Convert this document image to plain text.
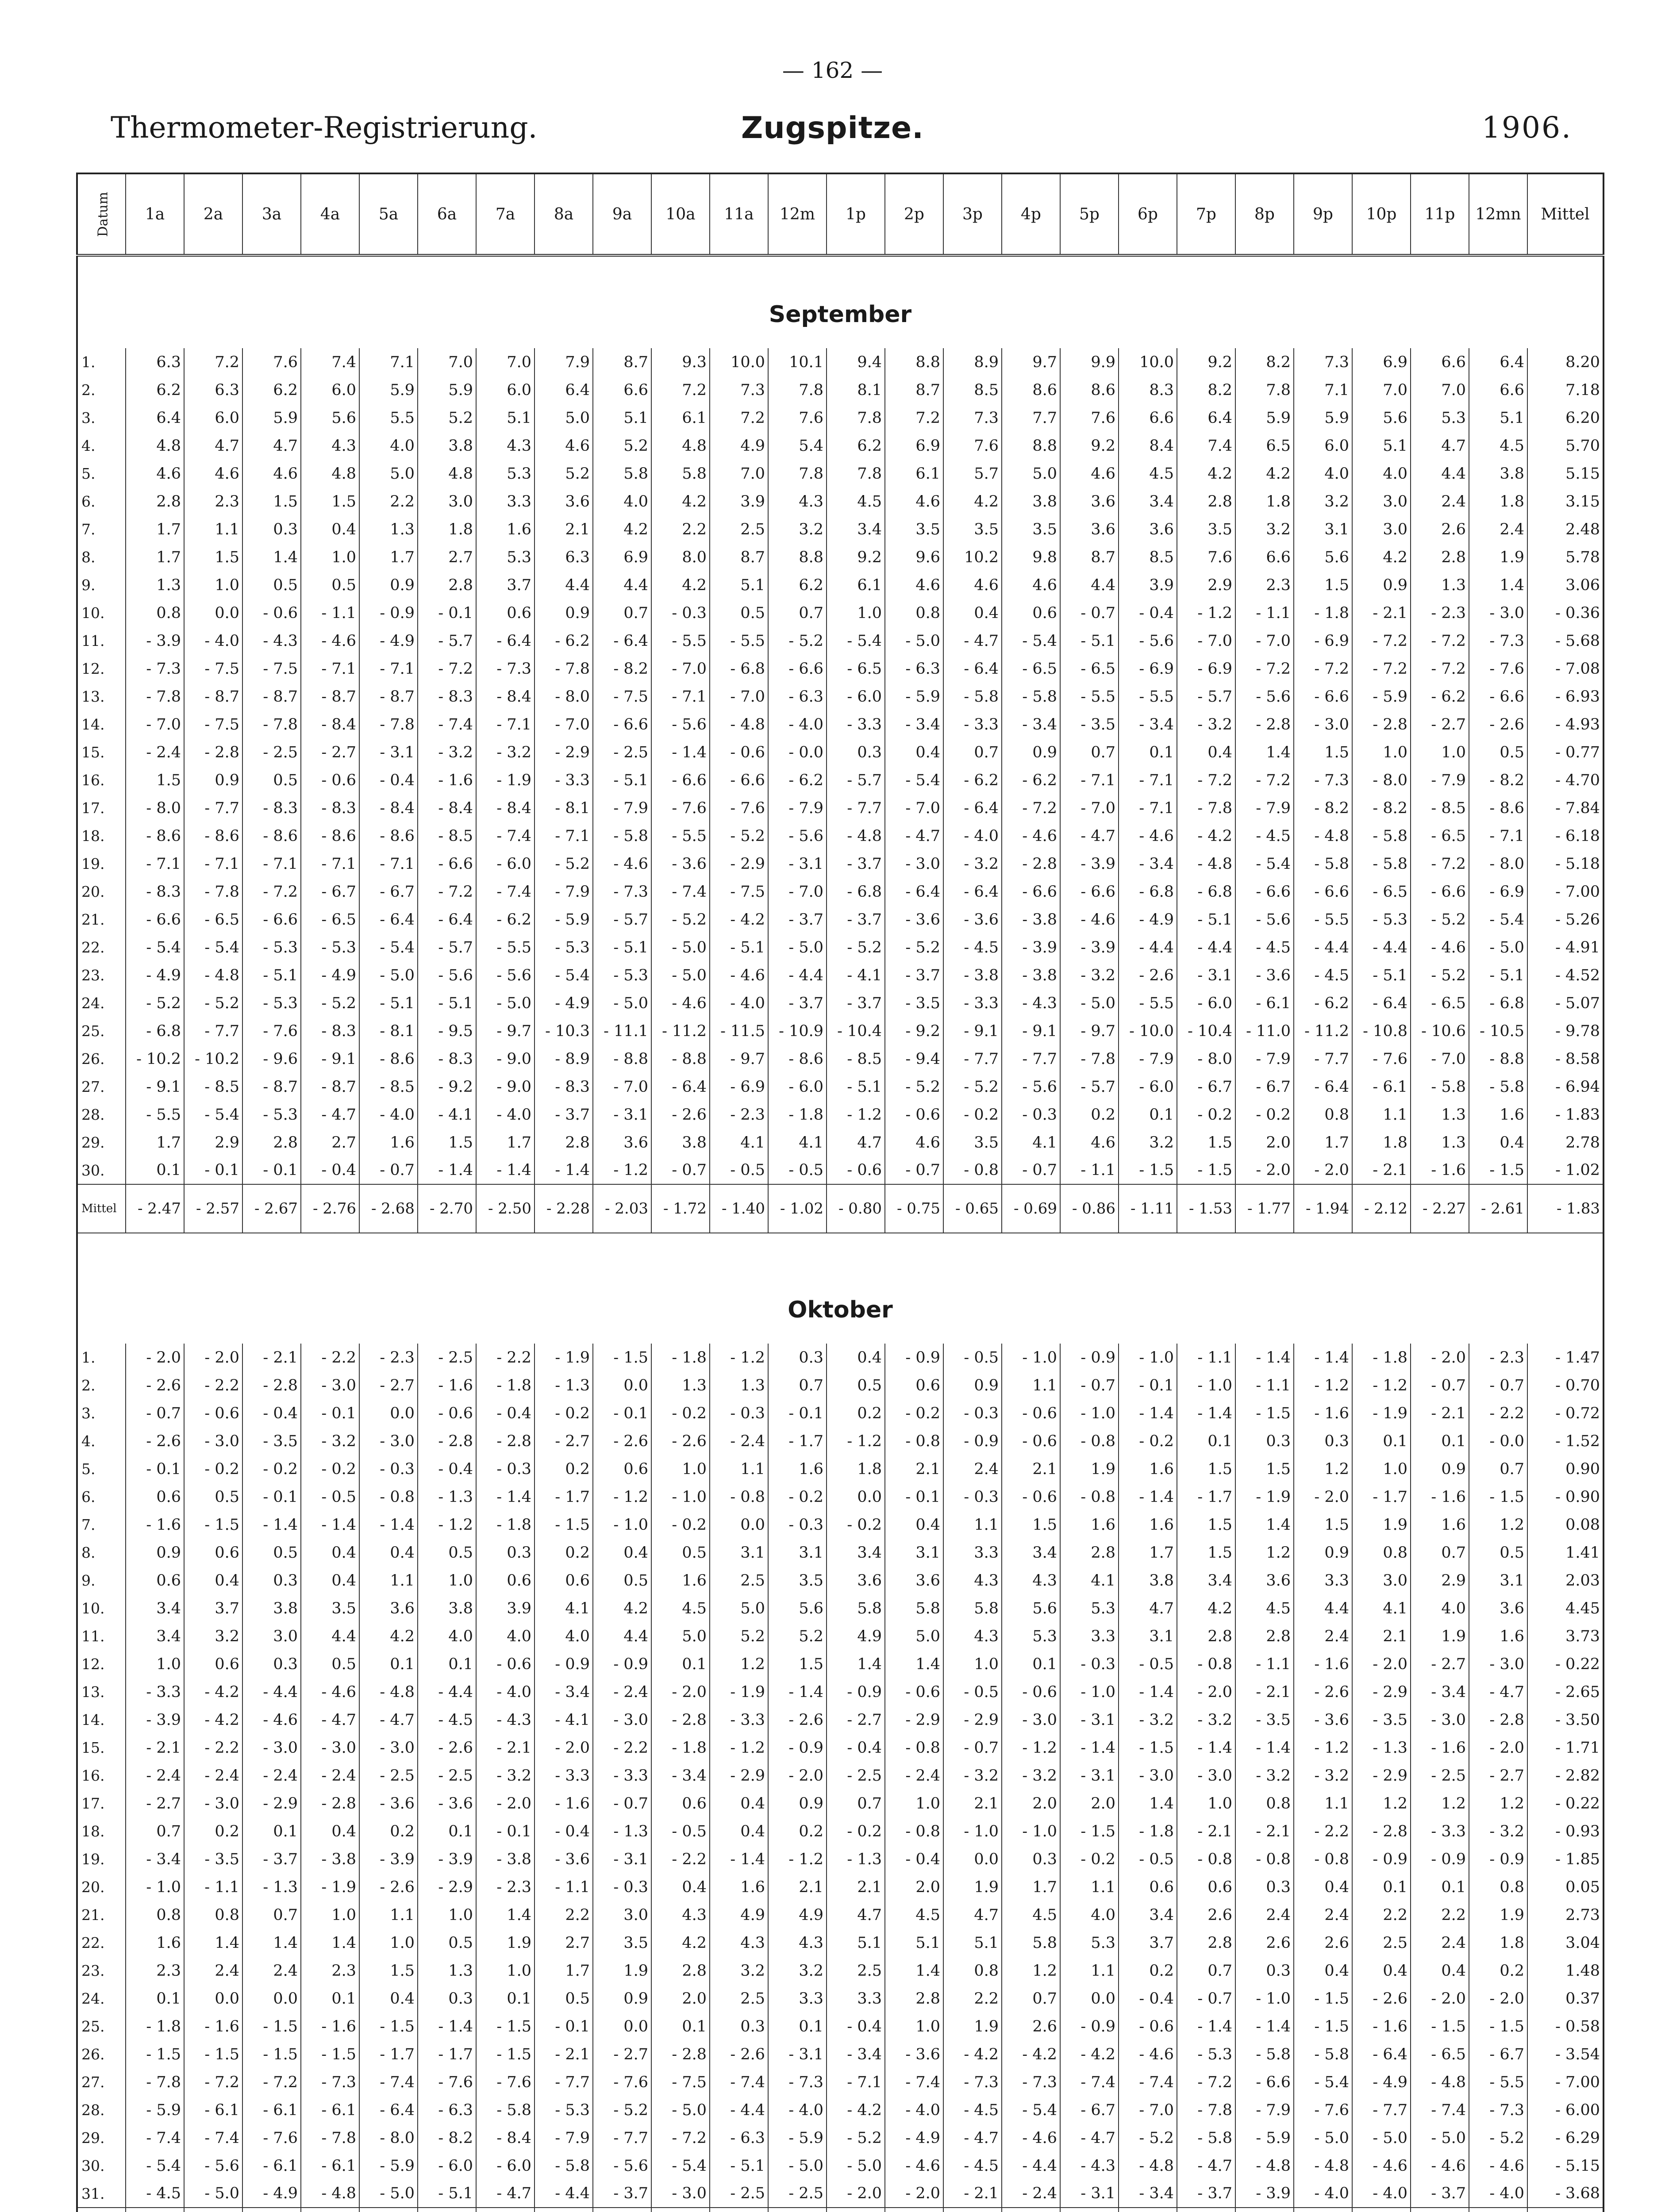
— 162 —
Thermometer-Registrierung.	Zugspitze.	1906.
Datum	1a	2a	3a	4a	5a	6a	7a	8a	9a	10a	11a	12m	1p	2p	3p	4p	5p	6p	7p	8p	9p	10p	11p	12mn	Mittel
September																									

1.	6.3	7.2	7.6	7.4	7.1	7.0	7.0	7.9	8.7	9.3	10.0	10.1	9.4	8.8	8.9	9.7	9.9	10.0	9.2	8.2	7.3	6.9	6.6	6.4	8.20
2.	6.2	6.3	6.2	6.0	5.9	5.9	6.0	6.4	6.6	7.2	7.3	7.8	8.1	8.7	8.5	8.6	8.6	8.3	8.2	7.8	7.1	7.0	7.0	6.6	7.18
3.	6.4	6.0	5.9	5.6	5.5	5.2	5.1	5.0	5.1	6.1	7.2	7.6	7.8	7.2	7.3	7.7	7.6	6.6	6.4	5.9	5.9	5.6	5.3	5.1	6.20
4.	4.8	4.7	4.7	4.3	4.0	3.8	4.3	4.6	5.2	4.8	4.9	5.4	6.2	6.9	7.6	8.8	9.2	8.4	7.4	6.5	6.0	5.1	4.7	4.5	5.70
5.	4.6	4.6	4.6	4.8	5.0	4.8	5.3	5.2	5.8	5.8	7.0	7.8	7.8	6.1	5.7	5.0	4.6	4.5	4.2	4.2	4.0	4.0	4.4	3.8	5.15
6.	2.8	2.3	1.5	1.5	2.2	3.0	3.3	3.6	4.0	4.2	3.9	4.3	4.5	4.6	4.2	3.8	3.6	3.4	2.8	1.8	3.2	3.0	2.4	1.8	3.15
7.	1.7	1.1	0.3	0.4	1.3	1.8	1.6	2.1	4.2	2.2	2.5	3.2	3.4	3.5	3.5	3.5	3.6	3.6	3.5	3.2	3.1	3.0	2.6	2.4	2.48
8.	1.7	1.5	1.4	1.0	1.7	2.7	5.3	6.3	6.9	8.0	8.7	8.8	9.2	9.6	10.2	9.8	8.7	8.5	7.6	6.6	5.6	4.2	2.8	1.9	5.78
9.	1.3	1.0	0.5	0.5	0.9	2.8	3.7	4.4	4.4	4.2	5.1	6.2	6.1	4.6	4.6	4.6	4.4	3.9	2.9	2.3	1.5	0.9	1.3	1.4	3.06
10.	0.8	0.0	- 0.6	- 1.1	- 0.9	- 0.1	0.6	0.9	0.7	- 0.3	0.5	0.7	1.0	0.8	0.4	0.6	- 0.7	- 0.4	- 1.2	- 1.1	- 1.8	- 2.1	- 2.3	- 3.0	- 0.36
11.	- 3.9	- 4.0	- 4.3	- 4.6	- 4.9	- 5.7	- 6.4	- 6.2	- 6.4	- 5.5	- 5.5	- 5.2	- 5.4	- 5.0	- 4.7	- 5.4	- 5.1	- 5.6	- 7.0	- 7.0	- 6.9	- 7.2	- 7.2	- 7.3	- 5.68
12.	- 7.3	- 7.5	- 7.5	- 7.1	- 7.1	- 7.2	- 7.3	- 7.8	- 8.2	- 7.0	- 6.8	- 6.6	- 6.5	- 6.3	- 6.4	- 6.5	- 6.5	- 6.9	- 6.9	- 7.2	- 7.2	- 7.2	- 7.2	- 7.6	- 7.08
13.	- 7.8	- 8.7	- 8.7	- 8.7	- 8.7	- 8.3	- 8.4	- 8.0	- 7.5	- 7.1	- 7.0	- 6.3	- 6.0	- 5.9	- 5.8	- 5.8	- 5.5	- 5.5	- 5.7	- 5.6	- 6.6	- 5.9	- 6.2	- 6.6	- 6.93
14.	- 7.0	- 7.5	- 7.8	- 8.4	- 7.8	- 7.4	- 7.1	- 7.0	- 6.6	- 5.6	- 4.8	- 4.0	- 3.3	- 3.4	- 3.3	- 3.4	- 3.5	- 3.4	- 3.2	- 2.8	- 3.0	- 2.8	- 2.7	- 2.6	- 4.93
15.	- 2.4	- 2.8	- 2.5	- 2.7	- 3.1	- 3.2	- 3.2	- 2.9	- 2.5	- 1.4	- 0.6	- 0.0	0.3	0.4	0.7	0.9	0.7	0.1	0.4	1.4	1.5	1.0	1.0	0.5	- 0.77
16.	1.5	0.9	0.5	- 0.6	- 0.4	- 1.6	- 1.9	- 3.3	- 5.1	- 6.6	- 6.6	- 6.2	- 5.7	- 5.4	- 6.2	- 6.2	- 7.1	- 7.1	- 7.2	- 7.2	- 7.3	- 8.0	- 7.9	- 8.2	- 4.70
17.	- 8.0	- 7.7	- 8.3	- 8.3	- 8.4	- 8.4	- 8.4	- 8.1	- 7.9	- 7.6	- 7.6	- 7.9	- 7.7	- 7.0	- 6.4	- 7.2	- 7.0	- 7.1	- 7.8	- 7.9	- 8.2	- 8.2	- 8.5	- 8.6	- 7.84
18.	- 8.6	- 8.6	- 8.6	- 8.6	- 8.6	- 8.5	- 7.4	- 7.1	- 5.8	- 5.5	- 5.2	- 5.6	- 4.8	- 4.7	- 4.0	- 4.6	- 4.7	- 4.6	- 4.2	- 4.5	- 4.8	- 5.8	- 6.5	- 7.1	- 6.18
19.	- 7.1	- 7.1	- 7.1	- 7.1	- 7.1	- 6.6	- 6.0	- 5.2	- 4.6	- 3.6	- 2.9	- 3.1	- 3.7	- 3.0	- 3.2	- 2.8	- 3.9	- 3.4	- 4.8	- 5.4	- 5.8	- 5.8	- 7.2	- 8.0	- 5.18
20.	- 8.3	- 7.8	- 7.2	- 6.7	- 6.7	- 7.2	- 7.4	- 7.9	- 7.3	- 7.4	- 7.5	- 7.0	- 6.8	- 6.4	- 6.4	- 6.6	- 6.6	- 6.8	- 6.8	- 6.6	- 6.6	- 6.5	- 6.6	- 6.9	- 7.00
21.	- 6.6	- 6.5	- 6.6	- 6.5	- 6.4	- 6.4	- 6.2	- 5.9	- 5.7	- 5.2	- 4.2	- 3.7	- 3.7	- 3.6	- 3.6	- 3.8	- 4.6	- 4.9	- 5.1	- 5.6	- 5.5	- 5.3	- 5.2	- 5.4	- 5.26
22.	- 5.4	- 5.4	- 5.3	- 5.3	- 5.4	- 5.7	- 5.5	- 5.3	- 5.1	- 5.0	- 5.1	- 5.0	- 5.2	- 5.2	- 4.5	- 3.9	- 3.9	- 4.4	- 4.4	- 4.5	- 4.4	- 4.4	- 4.6	- 5.0	- 4.91
23.	- 4.9	- 4.8	- 5.1	- 4.9	- 5.0	- 5.6	- 5.6	- 5.4	- 5.3	- 5.0	- 4.6	- 4.4	- 4.1	- 3.7	- 3.8	- 3.8	- 3.2	- 2.6	- 3.1	- 3.6	- 4.5	- 5.1	- 5.2	- 5.1	- 4.52
24.	- 5.2	- 5.2	- 5.3	- 5.2	- 5.1	- 5.1	- 5.0	- 4.9	- 5.0	- 4.6	- 4.0	- 3.7	- 3.7	- 3.5	- 3.3	- 4.3	- 5.0	- 5.5	- 6.0	- 6.1	- 6.2	- 6.4	- 6.5	- 6.8	- 5.07
25.	- 6.8	- 7.7	- 7.6	- 8.3	- 8.1	- 9.5	- 9.7	- 10.3	- 11.1	- 11.2	- 11.5	- 10.9	- 10.4	- 9.2	- 9.1	- 9.1	- 9.7	- 10.0	- 10.4	- 11.0	- 11.2	- 10.8	- 10.6	- 10.5	- 9.78
26.	- 10.2	- 10.2	- 9.6	- 9.1	- 8.6	- 8.3	- 9.0	- 8.9	- 8.8	- 8.8	- 9.7	- 8.6	- 8.5	- 9.4	- 7.7	- 7.7	- 7.8	- 7.9	- 8.0	- 7.9	- 7.7	- 7.6	- 7.0	- 8.8	- 8.58
27.	- 9.1	- 8.5	- 8.7	- 8.7	- 8.5	- 9.2	- 9.0	- 8.3	- 7.0	- 6.4	- 6.9	- 6.0	- 5.1	- 5.2	- 5.2	- 5.6	- 5.7	- 6.0	- 6.7	- 6.7	- 6.4	- 6.1	- 5.8	- 5.8	- 6.94
28.	- 5.5	- 5.4	- 5.3	- 4.7	- 4.0	- 4.1	- 4.0	- 3.7	- 3.1	- 2.6	- 2.3	- 1.8	- 1.2	- 0.6	- 0.2	- 0.3	0.2	0.1	- 0.2	- 0.2	0.8	1.1	1.3	1.6	- 1.83
29.	1.7	2.9	2.8	2.7	1.6	1.5	1.7	2.8	3.6	3.8	4.1	4.1	4.7	4.6	3.5	4.1	4.6	3.2	1.5	2.0	1.7	1.8	1.3	0.4	2.78
30.	0.1	- 0.1	- 0.1	- 0.4	- 0.7	- 1.4	- 1.4	- 1.4	- 1.2	- 0.7	- 0.5	- 0.5	- 0.6	- 0.7	- 0.8	- 0.7	- 1.1	- 1.5	- 1.5	- 2.0	- 2.0	- 2.1	- 1.6	- 1.5	- 1.02
Mittel	- 2.47	- 2.57	- 2.67	- 2.76	- 2.68	- 2.70	- 2.50	- 2.28	- 2.03	- 1.72	- 1.40	- 1.02	- 0.80	- 0.75	- 0.65	- 0.69	- 0.86	- 1.11	- 1.53	- 1.77	- 1.94	- 2.12	- 2.27	- 2.61	- 1.83
Oktober																									

1.	- 2.0	- 2.0	- 2.1	- 2.2	- 2.3	- 2.5	- 2.2	- 1.9	- 1.5	- 1.8	- 1.2	0.3	0.4	- 0.9	- 0.5	- 1.0	- 0.9	- 1.0	- 1.1	- 1.4	- 1.4	- 1.8	- 2.0	- 2.3	- 1.47
2.	- 2.6	- 2.2	- 2.8	- 3.0	- 2.7	- 1.6	- 1.8	- 1.3	0.0	1.3	1.3	0.7	0.5	0.6	0.9	1.1	- 0.7	- 0.1	- 1.0	- 1.1	- 1.2	- 1.2	- 0.7	- 0.7	- 0.70
3.	- 0.7	- 0.6	- 0.4	- 0.1	0.0	- 0.6	- 0.4	- 0.2	- 0.1	- 0.2	- 0.3	- 0.1	0.2	- 0.2	- 0.3	- 0.6	- 1.0	- 1.4	- 1.4	- 1.5	- 1.6	- 1.9	- 2.1	- 2.2	- 0.72
4.	- 2.6	- 3.0	- 3.5	- 3.2	- 3.0	- 2.8	- 2.8	- 2.7	- 2.6	- 2.6	- 2.4	- 1.7	- 1.2	- 0.8	- 0.9	- 0.6	- 0.8	- 0.2	0.1	0.3	0.3	0.1	0.1	- 0.0	- 1.52
5.	- 0.1	- 0.2	- 0.2	- 0.2	- 0.3	- 0.4	- 0.3	0.2	0.6	1.0	1.1	1.6	1.8	2.1	2.4	2.1	1.9	1.6	1.5	1.5	1.2	1.0	0.9	0.7	0.90
6.	0.6	0.5	- 0.1	- 0.5	- 0.8	- 1.3	- 1.4	- 1.7	- 1.2	- 1.0	- 0.8	- 0.2	0.0	- 0.1	- 0.3	- 0.6	- 0.8	- 1.4	- 1.7	- 1.9	- 2.0	- 1.7	- 1.6	- 1.5	- 0.90
7.	- 1.6	- 1.5	- 1.4	- 1.4	- 1.4	- 1.2	- 1.8	- 1.5	- 1.0	- 0.2	0.0	- 0.3	- 0.2	0.4	1.1	1.5	1.6	1.6	1.5	1.4	1.5	1.9	1.6	1.2	0.08
8.	0.9	0.6	0.5	0.4	0.4	0.5	0.3	0.2	0.4	0.5	3.1	3.1	3.4	3.1	3.3	3.4	2.8	1.7	1.5	1.2	0.9	0.8	0.7	0.5	1.41
9.	0.6	0.4	0.3	0.4	1.1	1.0	0.6	0.6	0.5	1.6	2.5	3.5	3.6	3.6	4.3	4.3	4.1	3.8	3.4	3.6	3.3	3.0	2.9	3.1	2.03
10.	3.4	3.7	3.8	3.5	3.6	3.8	3.9	4.1	4.2	4.5	5.0	5.6	5.8	5.8	5.8	5.6	5.3	4.7	4.2	4.5	4.4	4.1	4.0	3.6	4.45
11.	3.4	3.2	3.0	4.4	4.2	4.0	4.0	4.0	4.4	5.0	5.2	5.2	4.9	5.0	4.3	5.3	3.3	3.1	2.8	2.8	2.4	2.1	1.9	1.6	3.73
12.	1.0	0.6	0.3	0.5	0.1	0.1	- 0.6	- 0.9	- 0.9	0.1	1.2	1.5	1.4	1.4	1.0	0.1	- 0.3	- 0.5	- 0.8	- 1.1	- 1.6	- 2.0	- 2.7	- 3.0	- 0.22
13.	- 3.3	- 4.2	- 4.4	- 4.6	- 4.8	- 4.4	- 4.0	- 3.4	- 2.4	- 2.0	- 1.9	- 1.4	- 0.9	- 0.6	- 0.5	- 0.6	- 1.0	- 1.4	- 2.0	- 2.1	- 2.6	- 2.9	- 3.4	- 4.7	- 2.65
14.	- 3.9	- 4.2	- 4.6	- 4.7	- 4.7	- 4.5	- 4.3	- 4.1	- 3.0	- 2.8	- 3.3	- 2.6	- 2.7	- 2.9	- 2.9	- 3.0	- 3.1	- 3.2	- 3.2	- 3.5	- 3.6	- 3.5	- 3.0	- 2.8	- 3.50
15.	- 2.1	- 2.2	- 3.0	- 3.0	- 3.0	- 2.6	- 2.1	- 2.0	- 2.2	- 1.8	- 1.2	- 0.9	- 0.4	- 0.8	- 0.7	- 1.2	- 1.4	- 1.5	- 1.4	- 1.4	- 1.2	- 1.3	- 1.6	- 2.0	- 1.71
16.	- 2.4	- 2.4	- 2.4	- 2.4	- 2.5	- 2.5	- 3.2	- 3.3	- 3.3	- 3.4	- 2.9	- 2.0	- 2.5	- 2.4	- 3.2	- 3.2	- 3.1	- 3.0	- 3.0	- 3.2	- 3.2	- 2.9	- 2.5	- 2.7	- 2.82
17.	- 2.7	- 3.0	- 2.9	- 2.8	- 3.6	- 3.6	- 2.0	- 1.6	- 0.7	0.6	0.4	0.9	0.7	1.0	2.1	2.0	2.0	1.4	1.0	0.8	1.1	1.2	1.2	1.2	- 0.22
18.	0.7	0.2	0.1	0.4	0.2	0.1	- 0.1	- 0.4	- 1.3	- 0.5	0.4	0.2	- 0.2	- 0.8	- 1.0	- 1.0	- 1.5	- 1.8	- 2.1	- 2.1	- 2.2	- 2.8	- 3.3	- 3.2	- 0.93
19.	- 3.4	- 3.5	- 3.7	- 3.8	- 3.9	- 3.9	- 3.8	- 3.6	- 3.1	- 2.2	- 1.4	- 1.2	- 1.3	- 0.4	0.0	0.3	- 0.2	- 0.5	- 0.8	- 0.8	- 0.8	- 0.9	- 0.9	- 0.9	- 1.85
20.	- 1.0	- 1.1	- 1.3	- 1.9	- 2.6	- 2.9	- 2.3	- 1.1	- 0.3	0.4	1.6	2.1	2.1	2.0	1.9	1.7	1.1	0.6	0.6	0.3	0.4	0.1	0.1	0.8	0.05
21.	0.8	0.8	0.7	1.0	1.1	1.0	1.4	2.2	3.0	4.3	4.9	4.9	4.7	4.5	4.7	4.5	4.0	3.4	2.6	2.4	2.4	2.2	2.2	1.9	2.73
22.	1.6	1.4	1.4	1.4	1.0	0.5	1.9	2.7	3.5	4.2	4.3	4.3	5.1	5.1	5.1	5.8	5.3	3.7	2.8	2.6	2.6	2.5	2.4	1.8	3.04
23.	2.3	2.4	2.4	2.3	1.5	1.3	1.0	1.7	1.9	2.8	3.2	3.2	2.5	1.4	0.8	1.2	1.1	0.2	0.7	0.3	0.4	0.4	0.4	0.2	1.48
24.	0.1	0.0	0.0	0.1	0.4	0.3	0.1	0.5	0.9	2.0	2.5	3.3	3.3	2.8	2.2	0.7	0.0	- 0.4	- 0.7	- 1.0	- 1.5	- 2.6	- 2.0	- 2.0	0.37
25.	- 1.8	- 1.6	- 1.5	- 1.6	- 1.5	- 1.4	- 1.5	- 0.1	0.0	0.1	0.3	0.1	- 0.4	1.0	1.9	2.6	- 0.9	- 0.6	- 1.4	- 1.4	- 1.5	- 1.6	- 1.5	- 1.5	- 0.58
26.	- 1.5	- 1.5	- 1.5	- 1.5	- 1.7	- 1.7	- 1.5	- 2.1	- 2.7	- 2.8	- 2.6	- 3.1	- 3.4	- 3.6	- 4.2	- 4.2	- 4.2	- 4.6	- 5.3	- 5.8	- 5.8	- 6.4	- 6.5	- 6.7	- 3.54
27.	- 7.8	- 7.2	- 7.2	- 7.3	- 7.4	- 7.6	- 7.6	- 7.7	- 7.6	- 7.5	- 7.4	- 7.3	- 7.1	- 7.4	- 7.3	- 7.3	- 7.4	- 7.4	- 7.2	- 6.6	- 5.4	- 4.9	- 4.8	- 5.5	- 7.00
28.	- 5.9	- 6.1	- 6.1	- 6.1	- 6.4	- 6.3	- 5.8	- 5.3	- 5.2	- 5.0	- 4.4	- 4.0	- 4.2	- 4.0	- 4.5	- 5.4	- 6.7	- 7.0	- 7.8	- 7.9	- 7.6	- 7.7	- 7.4	- 7.3	- 6.00
29.	- 7.4	- 7.4	- 7.6	- 7.8	- 8.0	- 8.2	- 8.4	- 7.9	- 7.7	- 7.2	- 6.3	- 5.9	- 5.2	- 4.9	- 4.7	- 4.6	- 4.7	- 5.2	- 5.8	- 5.9	- 5.0	- 5.0	- 5.0	- 5.2	- 6.29
30.	- 5.4	- 5.6	- 6.1	- 6.1	- 5.9	- 6.0	- 6.0	- 5.8	- 5.6	- 5.4	- 5.1	- 5.0	- 5.0	- 4.6	- 4.5	- 4.4	- 4.3	- 4.8	- 4.7	- 4.8	- 4.8	- 4.6	- 4.6	- 4.6	- 5.15
31.	- 4.5	- 5.0	- 4.9	- 4.8	- 5.0	- 5.1	- 4.7	- 4.4	- 3.7	- 3.0	- 2.5	- 2.5	- 2.0	- 2.0	- 2.1	- 2.4	- 3.1	- 3.4	- 3.7	- 3.9	- 4.0	- 4.0	- 3.7	- 4.0	- 3.68
